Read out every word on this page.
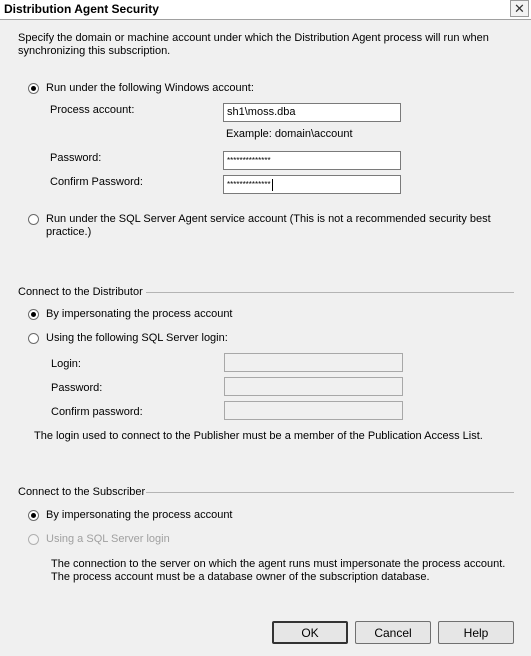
Distribution Agent Security	✕
Specify the domain or machine account under which the Distribution Agent process will run when synchronizing this subscription.
Run under the following Windows account:
Process account:	sh1\moss.dba
Example: domain\account
Password:	**************
Confirm Password:	**************
Run under the SQL Server Agent service account (This is not a recommended security best practice.)
Connect to the Distributor
By impersonating the process account
Using the following SQL Server login:
Login:
Password:
Confirm password:
The login used to connect to the Publisher must be a member of the Publication Access List.
Connect to the Subscriber
By impersonating the process account
Using a SQL Server login
The connection to the server on which the agent runs must impersonate the process account.
The process account must be a database owner of the subscription database.
OK	Cancel	Help
